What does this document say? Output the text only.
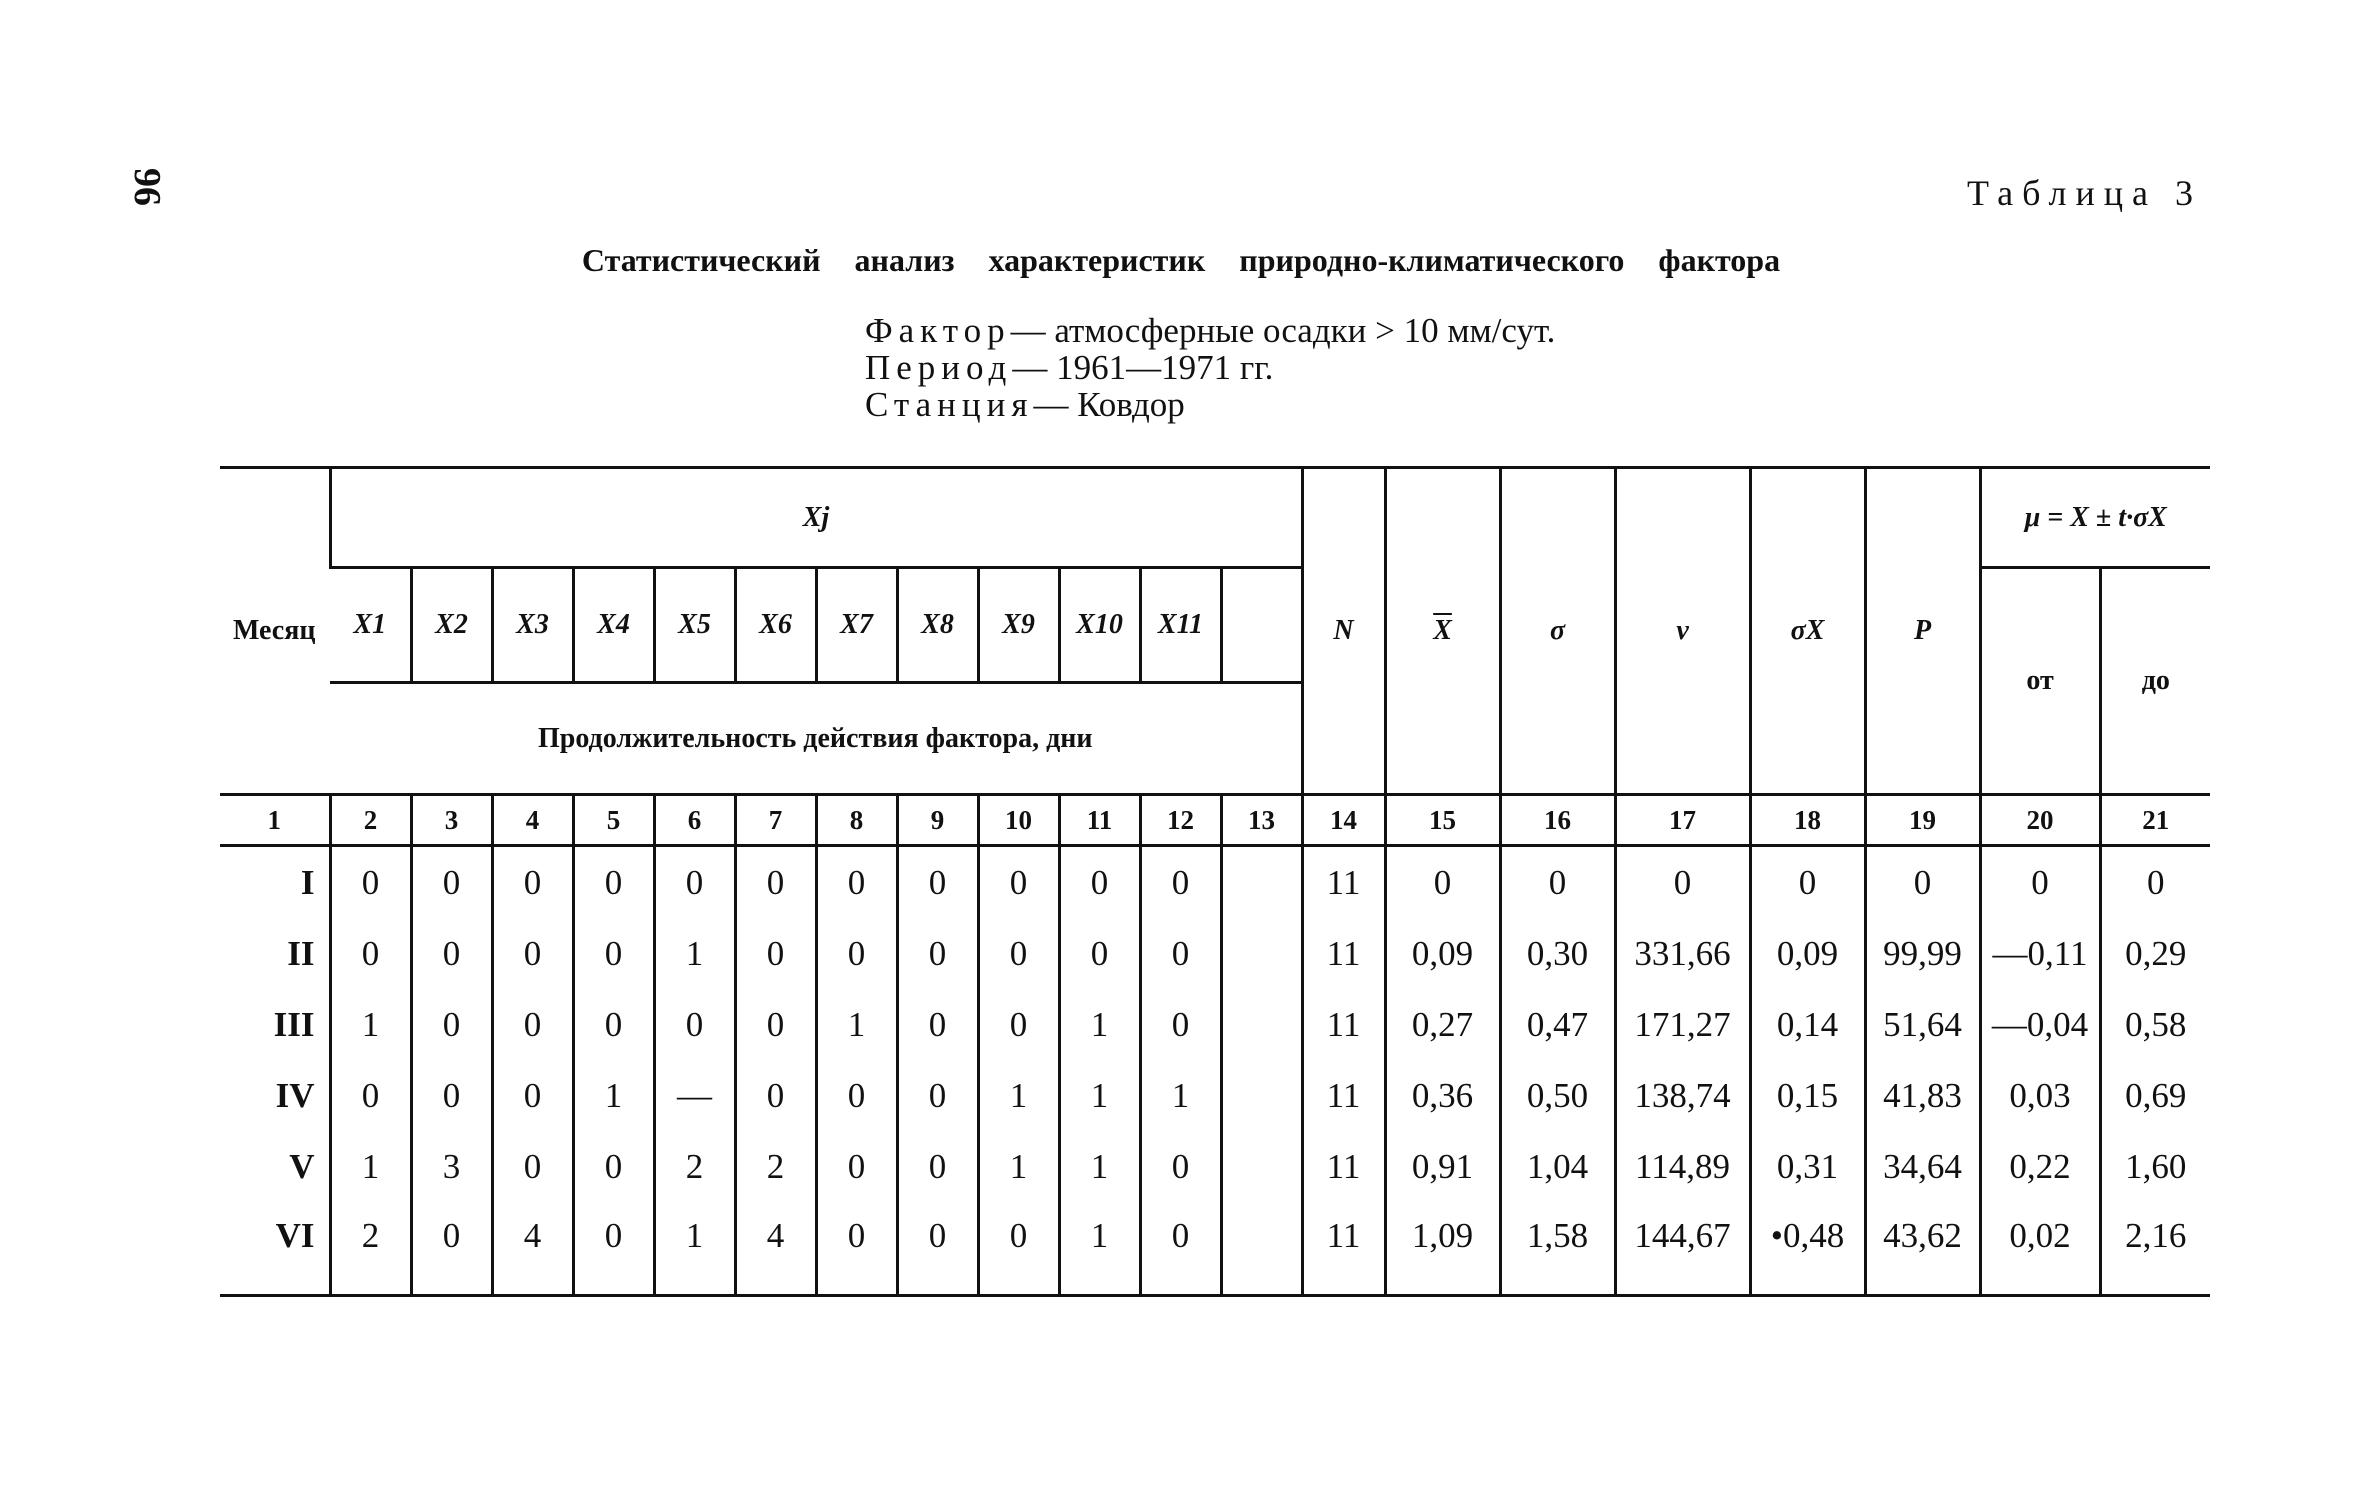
96	Таблица 3
Статистический анализ характеристик природно-климатического фактора
Фактор— атмосферные осадки > 10 мм/сут.
Период— 1961—1971 гг.
Станция— Ковдор
Месяц	Xj												N	$\overline{X}$	σ	ν	σX	P	μ = X ± t·σX	
	X1	X2	X3	X4	X5	X6	X7	X8	X9	X10	X11								от	до
	Продолжительность действия фактора, дни																			
1	2	3	4	5	6	7	8	9	10	11	12	13	14	15	16	17	18	19	20	21
I	0	0	0	0	0	0	0	0	0	0	0		11	0	0	0	0	0	0	0
II	0	0	0	0	1	0	0	0	0	0	0		11	0,09	0,30	331,66	0,09	99,99	—0,11	0,29
III	1	0	0	0	0	0	1	0	0	1	0		11	0,27	0,47	171,27	0,14	51,64	—0,04	0,58
IV	0	0	0	1	—	0	0	0	1	1	1		11	0,36	0,50	138,74	0,15	41,83	0,03	0,69
V	1	3	0	0	2	2	0	0	1	1	0		11	0,91	1,04	114,89	0,31	34,64	0,22	1,60
VI	2	0	4	0	1	4	0	0	0	1	0		11	1,09	1,58	144,67	•0,48	43,62	0,02	2,16
